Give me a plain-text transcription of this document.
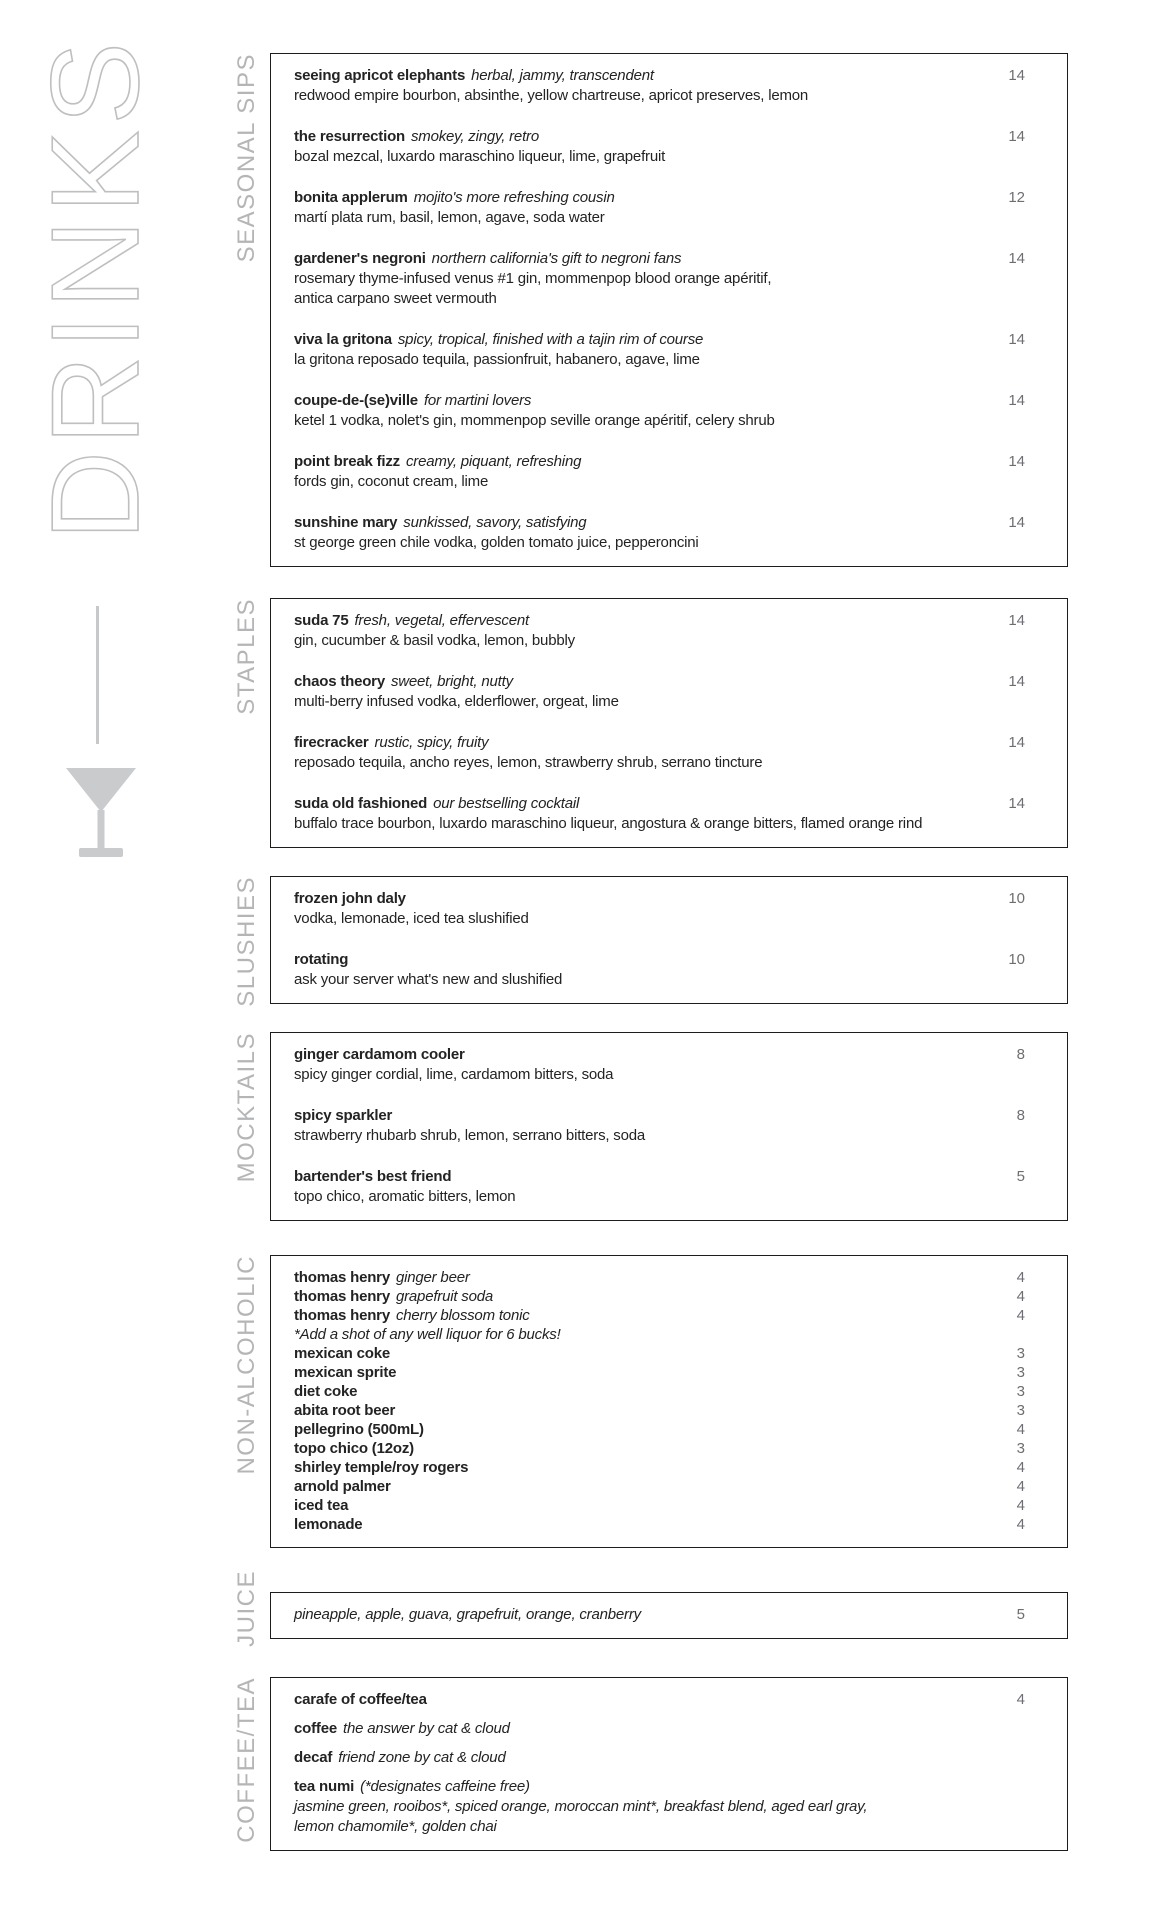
DRINKS	SEASONAL SIPS seeing apricot elephants herbal, jammy, transcendent
redwood empire bourbon, absinthe, yellow chartreuse, apricot preserves, lemon
14
the resurrection smokey, zingy, retro
bozal mezcal, luxardo maraschino liqueur, lime, grapefruit
14
bonita applerum mojito's more refreshing cousin
martí plata rum, basil, lemon, agave, soda water
12
gardener's negroni northern california's gift to negroni fans
rosemary thyme-infused venus #1 gin, mommenpop blood orange apéritif,
antica carpano sweet vermouth
14
viva la gritona spicy, tropical, finished with a tajin rim of course
la gritona reposado tequila, passionfruit, habanero, agave, lime
14
coupe-de-(se)ville for martini lovers
ketel 1 vodka, nolet's gin, mommenpop seville orange apéritif, celery shrub
14
point break fizz creamy, piquant, refreshing
fords gin, coconut cream, lime
14
sunshine mary sunkissed, savory, satisfying
st george green chile vodka, golden tomato juice, pepperoncini
14
STAPLES suda 75 fresh, vegetal, effervescent
gin, cucumber & basil vodka, lemon, bubbly
14
chaos theory sweet, bright, nutty
multi-berry infused vodka, elderflower, orgeat, lime
14
firecracker rustic, spicy, fruity
reposado tequila, ancho reyes, lemon, strawberry shrub, serrano tincture
14
suda old fashioned our bestselling cocktail
buffalo trace bourbon, luxardo maraschino liqueur, angostura & orange bitters, flamed orange rind
14
SLUSHIES frozen john daly
vodka, lemonade, iced tea slushified
10
rotating
ask your server what's new and slushified
10
MOCKTAILS ginger cardamom cooler
spicy ginger cordial, lime, cardamom bitters, soda
8
spicy sparkler
strawberry rhubarb shrub, lemon, serrano bitters, soda
8
bartender's best friend
topo chico, aromatic bitters, lemon
5
NON-ALCOHOLIC thomas henry ginger beer	4
thomas henry grapefruit soda	4
thomas henry cherry blossom tonic	4
*Add a shot of any well liquor for 6 bucks!
mexican coke	3
mexican sprite	3
diet coke	3
abita root beer	3
pellegrino (500mL)	4
topo chico (12oz)	3
shirley temple/roy rogers	4
arnold palmer	4
iced tea	4
lemonade	4
JUICE pineapple, apple, guava, grapefruit, orange, cranberry	5
COFFEE/TEA carafe of coffee/tea	4
coffee the answer by cat & cloud
decaf friend zone by cat & cloud
tea numi (*designates caffeine free)
jasmine green, rooibos*, spiced orange, moroccan mint*, breakfast blend, aged earl gray,
lemon chamomile*, golden chai
